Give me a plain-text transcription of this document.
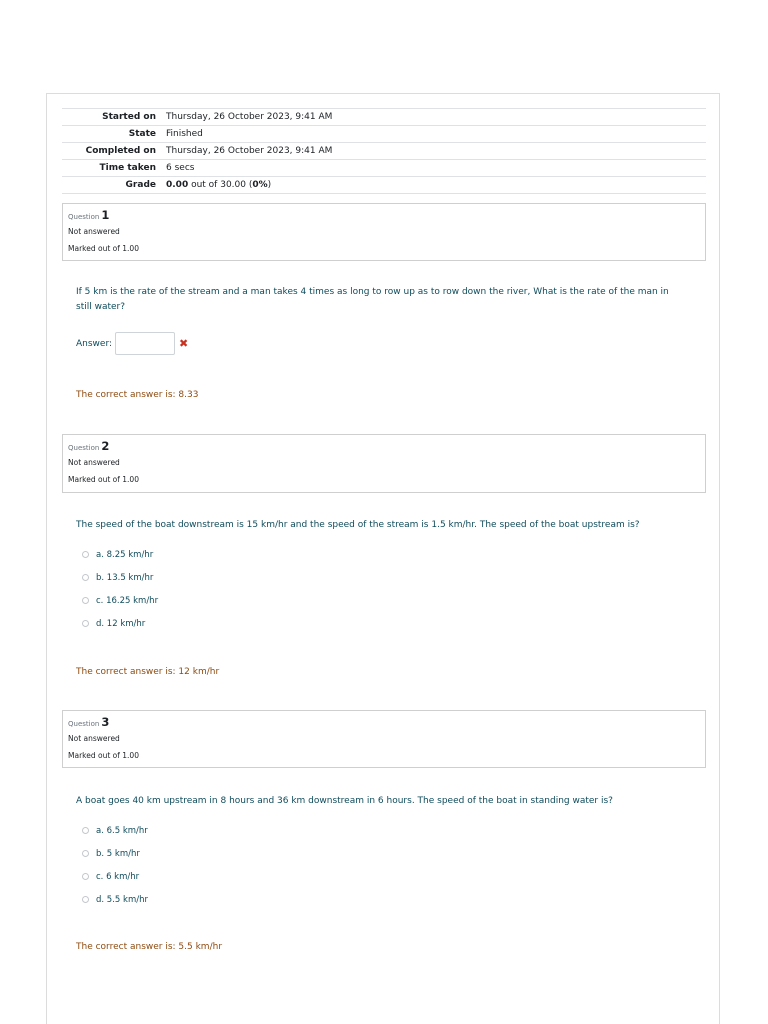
Started on	Thursday, 26 October 2023, 9:41 AM
State	Finished
Completed on	Thursday, 26 October 2023, 9:41 AM
Time taken	6 secs
Grade	0.00 out of 30.00 (0%)
Question 1
Not answered
Marked out of 1.00
If 5 km is the rate of the stream and a man takes 4 times as long to row up as to row down the river, What is the rate of the man in still water?
Answer:	✖
The correct answer is: 8.33
Question 2
Not answered
Marked out of 1.00
The speed of the boat downstream is 15 km/hr and the speed of the stream is 1.5 km/hr. The speed of the boat upstream is?
a. 8.25 km/hr
b. 13.5 km/hr
c. 16.25 km/hr
d. 12 km/hr
The correct answer is: 12 km/hr
Question 3
Not answered
Marked out of 1.00
A boat goes 40 km upstream in 8 hours and 36 km downstream in 6 hours. The speed of the boat in standing water is?
a. 6.5 km/hr
b. 5 km/hr
c. 6 km/hr
d. 5.5 km/hr
The correct answer is: 5.5 km/hr
